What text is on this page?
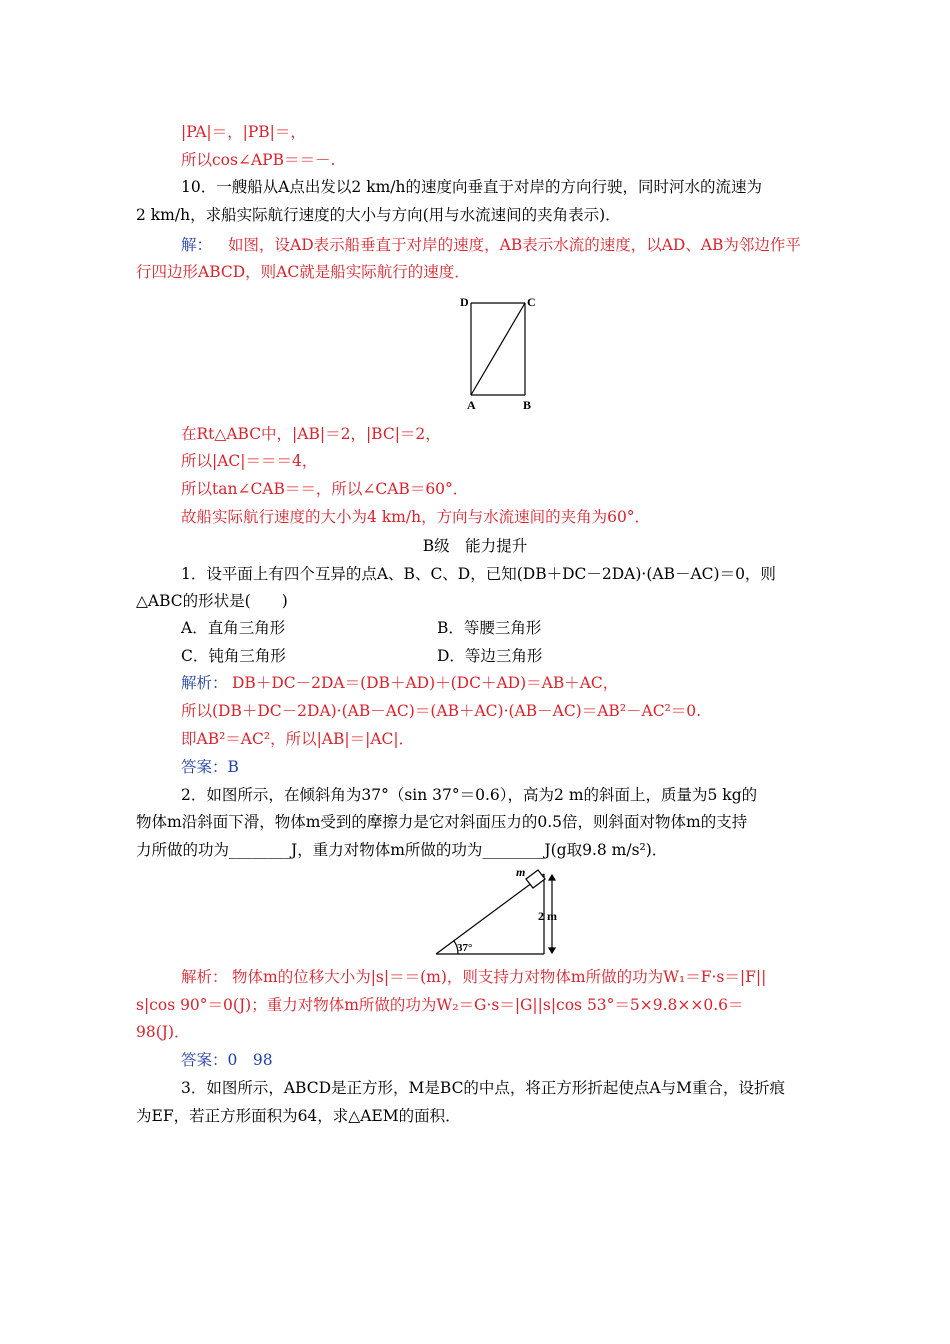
|PA|＝，|PB|＝，
所以cos∠APB＝＝－.
10．一艘船从A点出发以2 km/h的速度向垂直于对岸的方向行驶，同时河水的流速为
2 km/h，求船实际航行速度的大小与方向(用与水流速间的夹角表示)．
解： 如图，设AD表示船垂直于对岸的速度，AB表示水流的速度，以AD、AB为邻边作平
行四边形ABCD，则AC就是船实际航行的速度．
D	C
A	B
在Rt△ABC中，|AB|＝2，|BC|＝2，
所以|AC|＝＝＝4，
所以tan∠CAB＝＝，所以∠CAB＝60°．
故船实际航行速度的大小为4 km/h，方向与水流速间的夹角为60°．
B级　能力提升
1．设平面上有四个互异的点A、B、C、D，已知(DB＋DC－2DA)·(AB－AC)＝0，则
△ABC的形状是(　　)
A．直角三角形	B．等腰三角形
C．钝角三角形	D．等边三角形
解析： DB＋DC－2DA＝(DB＋AD)＋(DC＋AD)＝AB＋AC，
所以(DB＋DC－2DA)·(AB－AC)＝(AB＋AC)·(AB－AC)＝AB²－AC²＝0.
即AB²＝AC²，所以|AB|＝|AC|．
答案：B
2．如图所示，在倾斜角为37°（sin 37°＝0.6），高为2 m的斜面上，质量为5 kg的
物体m沿斜面下滑，物体m受到的摩擦力是它对斜面压力的0.5倍，则斜面对物体m的支持
力所做的功为________J，重力对物体m所做的功为________J(g取9.8 m/s²)．
m
2 m
37°
解析： 物体m的位移大小为|s|＝＝(m)，则支持力对物体m所做的功为W₁＝F·s＝|F||
s|cos 90°＝0(J)；重力对物体m所做的功为W₂＝G·s＝|G||s|cos 53°＝5×9.8××0.6＝
98(J)．
答案：0　98
3．如图所示，ABCD是正方形，M是BC的中点，将正方形折起使点A与M重合，设折痕
为EF，若正方形面积为64，求△AEM的面积．
